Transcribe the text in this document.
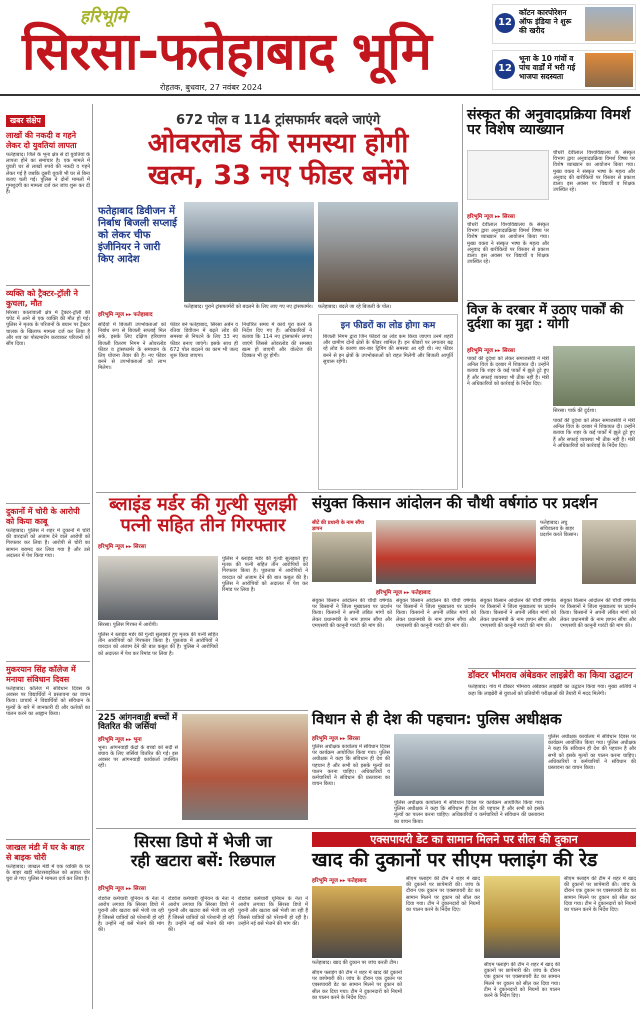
हरिभूमि
सिरसा-फतेहाबाद भूमि
रोहतक, बुधवार, 27 नवंबर 2024
12
कॉटन कारपोरेशन ऑफ इंडिया ने शुरू की खरीद
12
भूना के 10 गांवों व पांच वार्डों में भरी गई भाजपा सदस्यता
खबर संक्षेप
लाखों की नकदी व गहने लेकर दो युवतियां लापता
फतेहाबाद। जिले के भूना क्षेत्र से दो युवतियां के लापता होने का समाचार है। एक मामले में युवती घर से लाखों रुपये की नकदी व गहने लेकर गई है जबकि दूसरी युवती भी घर से बिना बताए चली गई। पुलिस ने दोनों मामलों में गुमशुदगी का मामला दर्ज कर जांच शुरू कर दी है।
व्यक्ति को ट्रैक्टर-ट्रॉली ने कुचला, मौत
सिरसा। कालांवाली क्षेत्र में ट्रैक्टर-ट्रॉली की चपेट में आने से एक व्यक्ति की मौत हो गई। पुलिस ने मृतक के परिजनों के बयान पर ट्रैक्टर चालक के खिलाफ मामला दर्ज कर लिया है और शव का पोस्टमार्टम करवाकर परिजनों को सौंप दिया।
दुकानों में चोरी के आरोपी को किया काबू
फतेहाबाद। पुलिस ने शहर में दुकानों में चोरी की वारदातों को अंजाम देने वाले आरोपी को गिरफ्तार कर लिया है। आरोपी से चोरी का सामान बरामद कर लिया गया है और उसे अदालत में पेश किया गया।
मुकरयान सिंह कॉलेज में मनाया संविधान दिवस
फतेहाबाद। कॉलेज में संविधान दिवस के अवसर पर विद्यार्थियों ने प्रस्तावना का वाचन किया। प्राचार्य ने विद्यार्थियों को संविधान के मूल्यों के बारे में जानकारी दी और कर्तव्यों का पालन करने का आह्वान किया।
जाखल मंडी में घर के बाहर से बाइक चोरी
फतेहाबाद। जाखल मंडी में एक व्यक्ति के घर के बाहर खड़ी मोटरसाइकिल को अज्ञात चोर चुरा ले गए। पुलिस ने मामला दर्ज कर लिया है।
672 पोल व 114 ट्रांसफार्मर बदले जाएंगे
ओवरलोड की समस्या होगी
खत्म, 33 नए फीडर बनेंगे
फतेहाबाद डिवीजन में निर्बाध बिजली सप्लाई को लेकर चीफ इंजीनियर ने जारी किए आदेश
हरिभूमि न्यूज ▸▸ फतेहाबाद
फतेहाबाद। पुराने ट्रांसफार्मरों को बदलने के लिए लाए गए नए ट्रांसफार्मर। फतेहाबाद। बदले जा रहे बिजली के पोल।
सर्दियों में बिजली उपभोक्ताओं को निर्बाध रूप से बिजली सप्लाई मिल सके, इसके लिए दक्षिण हरियाणा बिजली वितरण निगम ने ओवरलोड फीडर व ट्रांसफार्मर के समाधान के लिए योजना तैयार की है। नए फीडर बनने से उपभोक्ताओं को लाभ मिलेगा।
फीडर बने फतेहाबाद, सिरसा अर्बन व रतिया डिवीजन में बढ़ते लोड की समस्या से निपटने के लिए 33 नए फीडर बनाए जाएंगे। इसके साथ ही 672 पोल बदलने का काम भी जल्द शुरू किया जाएगा।
निर्धारित समय में कार्य पूरा करने के निर्देश दिए गए हैं। अधिकारियों ने बताया कि 114 नए ट्रांसफार्मर लगाए जाएंगे जिससे ओवरलोड की समस्या खत्म हो जाएगी और वोल्टेज की दिक्कत भी दूर होगी।
इन फीडरों का लोड होगा कम
बिजली निगम द्वारा जिन फीडरों का लोड कम किया जाएगा उनमें शहरी और ग्रामीण दोनों क्षेत्रों के फीडर शामिल हैं। इन फीडरों पर लगातार बढ़ रहे लोड के कारण बार-बार ट्रिपिंग की समस्या आ रही थी। नए फीडर बनने से इन क्षेत्रों के उपभोक्ताओं को राहत मिलेगी और बिजली आपूर्ति सुचारू रहेगी।
संस्कृत की अनुवादप्रक्रिया विमर्श पर विशेष व्याख्यान
हरिभूमि न्यूज ▸▸ सिरसा
चौधरी देवीलाल विश्वविद्यालय के संस्कृत विभाग द्वारा अनुवादप्रक्रिया विमर्श विषय पर विशेष व्याख्यान का आयोजन किया गया। मुख्य वक्ता ने संस्कृत भाषा के महत्व और अनुवाद की बारीकियों पर विस्तार से प्रकाश डाला। इस अवसर पर विद्यार्थी व शिक्षक उपस्थित रहे।
चौधरी देवीलाल विश्वविद्यालय के संस्कृत विभाग द्वारा अनुवादप्रक्रिया विमर्श विषय पर विशेष व्याख्यान का आयोजन किया गया। मुख्य वक्ता ने संस्कृत भाषा के महत्व और अनुवाद की बारीकियों पर विस्तार से प्रकाश डाला। इस अवसर पर विद्यार्थी व शिक्षक उपस्थित रहे।
विज के दरबार में उठाए पार्कों की दुर्दशा का मुद्दा : योगी
हरिभूमि न्यूज ▸▸ सिरसा
पार्कों की दुर्दशा को लेकर समाजसेवी ने मंत्री अनिल विज के दरबार में शिकायत दी। उन्होंने बताया कि शहर के कई पार्कों में झूले टूटे हुए हैं और सफाई व्यवस्था भी ठीक नहीं है। मंत्री ने अधिकारियों को कार्रवाई के निर्देश दिए।
सिरसा। पार्क की दुर्दशा।
पार्कों की दुर्दशा को लेकर समाजसेवी ने मंत्री अनिल विज के दरबार में शिकायत दी। उन्होंने बताया कि शहर के कई पार्कों में झूले टूटे हुए हैं और सफाई व्यवस्था भी ठीक नहीं है। मंत्री ने अधिकारियों को कार्रवाई के निर्देश दिए।
ब्लाइंड मर्डर की गुत्थी सुलझी
पत्नी सहित तीन गिरफ्तार
हरिभूमि न्यूज ▸▸ सिरसा
सिरसा। पुलिस गिरफ्त में आरोपी।
पुलिस ने ब्लाइंड मर्डर की गुत्थी सुलझाते हुए मृतक की पत्नी सहित तीन आरोपियों को गिरफ्तार किया है। पूछताछ में आरोपियों ने वारदात को अंजाम देने की बात कबूल की है। पुलिस ने आरोपियों को अदालत में पेश कर रिमांड पर लिया है।
पुलिस ने ब्लाइंड मर्डर की गुत्थी सुलझाते हुए मृतक की पत्नी सहित तीन आरोपियों को गिरफ्तार किया है। पूछताछ में आरोपियों ने वारदात को अंजाम देने की बात कबूल की है। पुलिस ने आरोपियों को अदालत में पेश कर रिमांड पर लिया है।
संयुक्त किसान आंदोलन की चौथी वर्षगांठ पर प्रदर्शन
सीटें की प्रधानी के नाम सौंपा ज्ञापन
फतेहाबाद। लघु सचिवालय के बाहर प्रदर्शन करते किसान।
हरिभूमि न्यूज ▸▸ फतेहाबाद
संयुक्त किसान आंदोलन की चौथी वर्षगांठ पर किसानों ने जिला मुख्यालय पर प्रदर्शन किया। किसानों ने अपनी लंबित मांगों को लेकर प्रधानमंत्री के नाम ज्ञापन सौंपा और एमएसपी की कानूनी गारंटी की मांग की।
संयुक्त किसान आंदोलन की चौथी वर्षगांठ पर किसानों ने जिला मुख्यालय पर प्रदर्शन किया। किसानों ने अपनी लंबित मांगों को लेकर प्रधानमंत्री के नाम ज्ञापन सौंपा और एमएसपी की कानूनी गारंटी की मांग की।
संयुक्त किसान आंदोलन की चौथी वर्षगांठ पर किसानों ने जिला मुख्यालय पर प्रदर्शन किया। किसानों ने अपनी लंबित मांगों को लेकर प्रधानमंत्री के नाम ज्ञापन सौंपा और एमएसपी की कानूनी गारंटी की मांग की।
संयुक्त किसान आंदोलन की चौथी वर्षगांठ पर किसानों ने जिला मुख्यालय पर प्रदर्शन किया। किसानों ने अपनी लंबित मांगों को लेकर प्रधानमंत्री के नाम ज्ञापन सौंपा और एमएसपी की कानूनी गारंटी की मांग की।
डॉक्टर भीमराव अंबेडकर लाइब्रेरी का किया उद्घाटन
फतेहाबाद। गांव में डॉक्टर भीमराव अंबेडकर लाइब्रेरी का उद्घाटन किया गया। मुख्य अतिथि ने कहा कि लाइब्रेरी से युवाओं को प्रतियोगी परीक्षाओं की तैयारी में मदद मिलेगी।
225 आंगनवाड़ी बच्चों में वितरित की जर्सियां
हरिभूमि न्यूज ▸▸ भूना
भूना। आंगनवाड़ी केंद्रों के बच्चों को सर्दी से बचाव के लिए जर्सियां वितरित की गईं। इस अवसर पर आंगनवाड़ी कार्यकर्ता उपस्थित रहीं।
विधान से ही देश की पहचान: पुलिस अधीक्षक
हरिभूमि न्यूज ▸▸ सिरसा
पुलिस अधीक्षक कार्यालय में संविधान दिवस पर कार्यक्रम आयोजित किया गया। पुलिस अधीक्षक ने कहा कि संविधान ही देश की पहचान है और सभी को इसके मूल्यों का पालन करना चाहिए। अधिकारियों व कर्मचारियों ने संविधान की प्रस्तावना का वाचन किया।
पुलिस अधीक्षक कार्यालय में संविधान दिवस पर कार्यक्रम आयोजित किया गया। पुलिस अधीक्षक ने कहा कि संविधान ही देश की पहचान है और सभी को इसके मूल्यों का पालन करना चाहिए। अधिकारियों व कर्मचारियों ने संविधान की प्रस्तावना का वाचन किया।
पुलिस अधीक्षक कार्यालय में संविधान दिवस पर कार्यक्रम आयोजित किया गया। पुलिस अधीक्षक ने कहा कि संविधान ही देश की पहचान है और सभी को इसके मूल्यों का पालन करना चाहिए। अधिकारियों व कर्मचारियों ने संविधान की प्रस्तावना का वाचन किया।
सिरसा डिपो में भेजी जा
रही खटारा बसें: रिछपाल
हरिभूमि न्यूज ▸▸ सिरसा
रोडवेज कर्मचारी यूनियन के नेता ने आरोप लगाया कि सिरसा डिपो में पुरानी और खटारा बसें भेजी जा रही हैं जिससे यात्रियों को परेशानी हो रही है। उन्होंने नई बसें भेजने की मांग की।
रोडवेज कर्मचारी यूनियन के नेता ने आरोप लगाया कि सिरसा डिपो में पुरानी और खटारा बसें भेजी जा रही हैं जिससे यात्रियों को परेशानी हो रही है। उन्होंने नई बसें भेजने की मांग की।
रोडवेज कर्मचारी यूनियन के नेता ने आरोप लगाया कि सिरसा डिपो में पुरानी और खटारा बसें भेजी जा रही हैं जिससे यात्रियों को परेशानी हो रही है। उन्होंने नई बसें भेजने की मांग की।
एक्सपायरी डेट का सामान मिलने पर सील की दुकान
खाद की दुकानों पर सीएम फ्लाइंग की रेड
हरिभूमि न्यूज ▸▸ फतेहाबाद
फतेहाबाद। खाद की दुकान पर जांच करती टीम।
सीएम फ्लाइंग की टीम ने शहर में खाद की दुकानों पर छापेमारी की। जांच के दौरान एक दुकान पर एक्सपायरी डेट का सामान मिलने पर दुकान को सील कर दिया गया। टीम ने दुकानदारों को नियमों का पालन करने के निर्देश दिए।
सीएम फ्लाइंग की टीम ने शहर में खाद की दुकानों पर छापेमारी की। जांच के दौरान एक दुकान पर एक्सपायरी डेट का सामान मिलने पर दुकान को सील कर दिया गया। टीम ने दुकानदारों को नियमों का पालन करने के निर्देश दिए।
सीएम फ्लाइंग की टीम ने शहर में खाद की दुकानों पर छापेमारी की। जांच के दौरान एक दुकान पर एक्सपायरी डेट का सामान मिलने पर दुकान को सील कर दिया गया। टीम ने दुकानदारों को नियमों का पालन करने के निर्देश दिए।
सीएम फ्लाइंग की टीम ने शहर में खाद की दुकानों पर छापेमारी की। जांच के दौरान एक दुकान पर एक्सपायरी डेट का सामान मिलने पर दुकान को सील कर दिया गया। टीम ने दुकानदारों को नियमों का पालन करने के निर्देश दिए।
